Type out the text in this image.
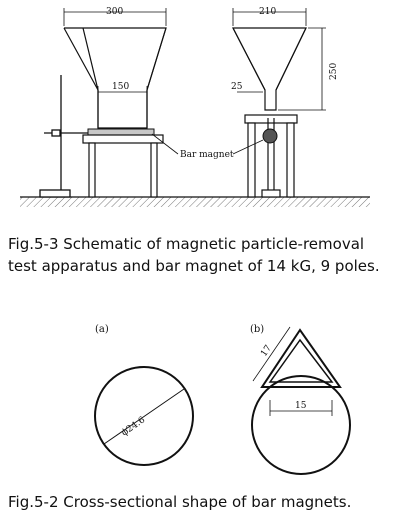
300
150
210
250
25
Bar magnet
(a)	(b)
ϕ24.6
17
15
Fig.5-3 Schematic of magnetic particle-removal test apparatus and bar magnet of 14 kG, 9 poles.
Fig.5-2 Cross-sectional shape of bar magnets.
